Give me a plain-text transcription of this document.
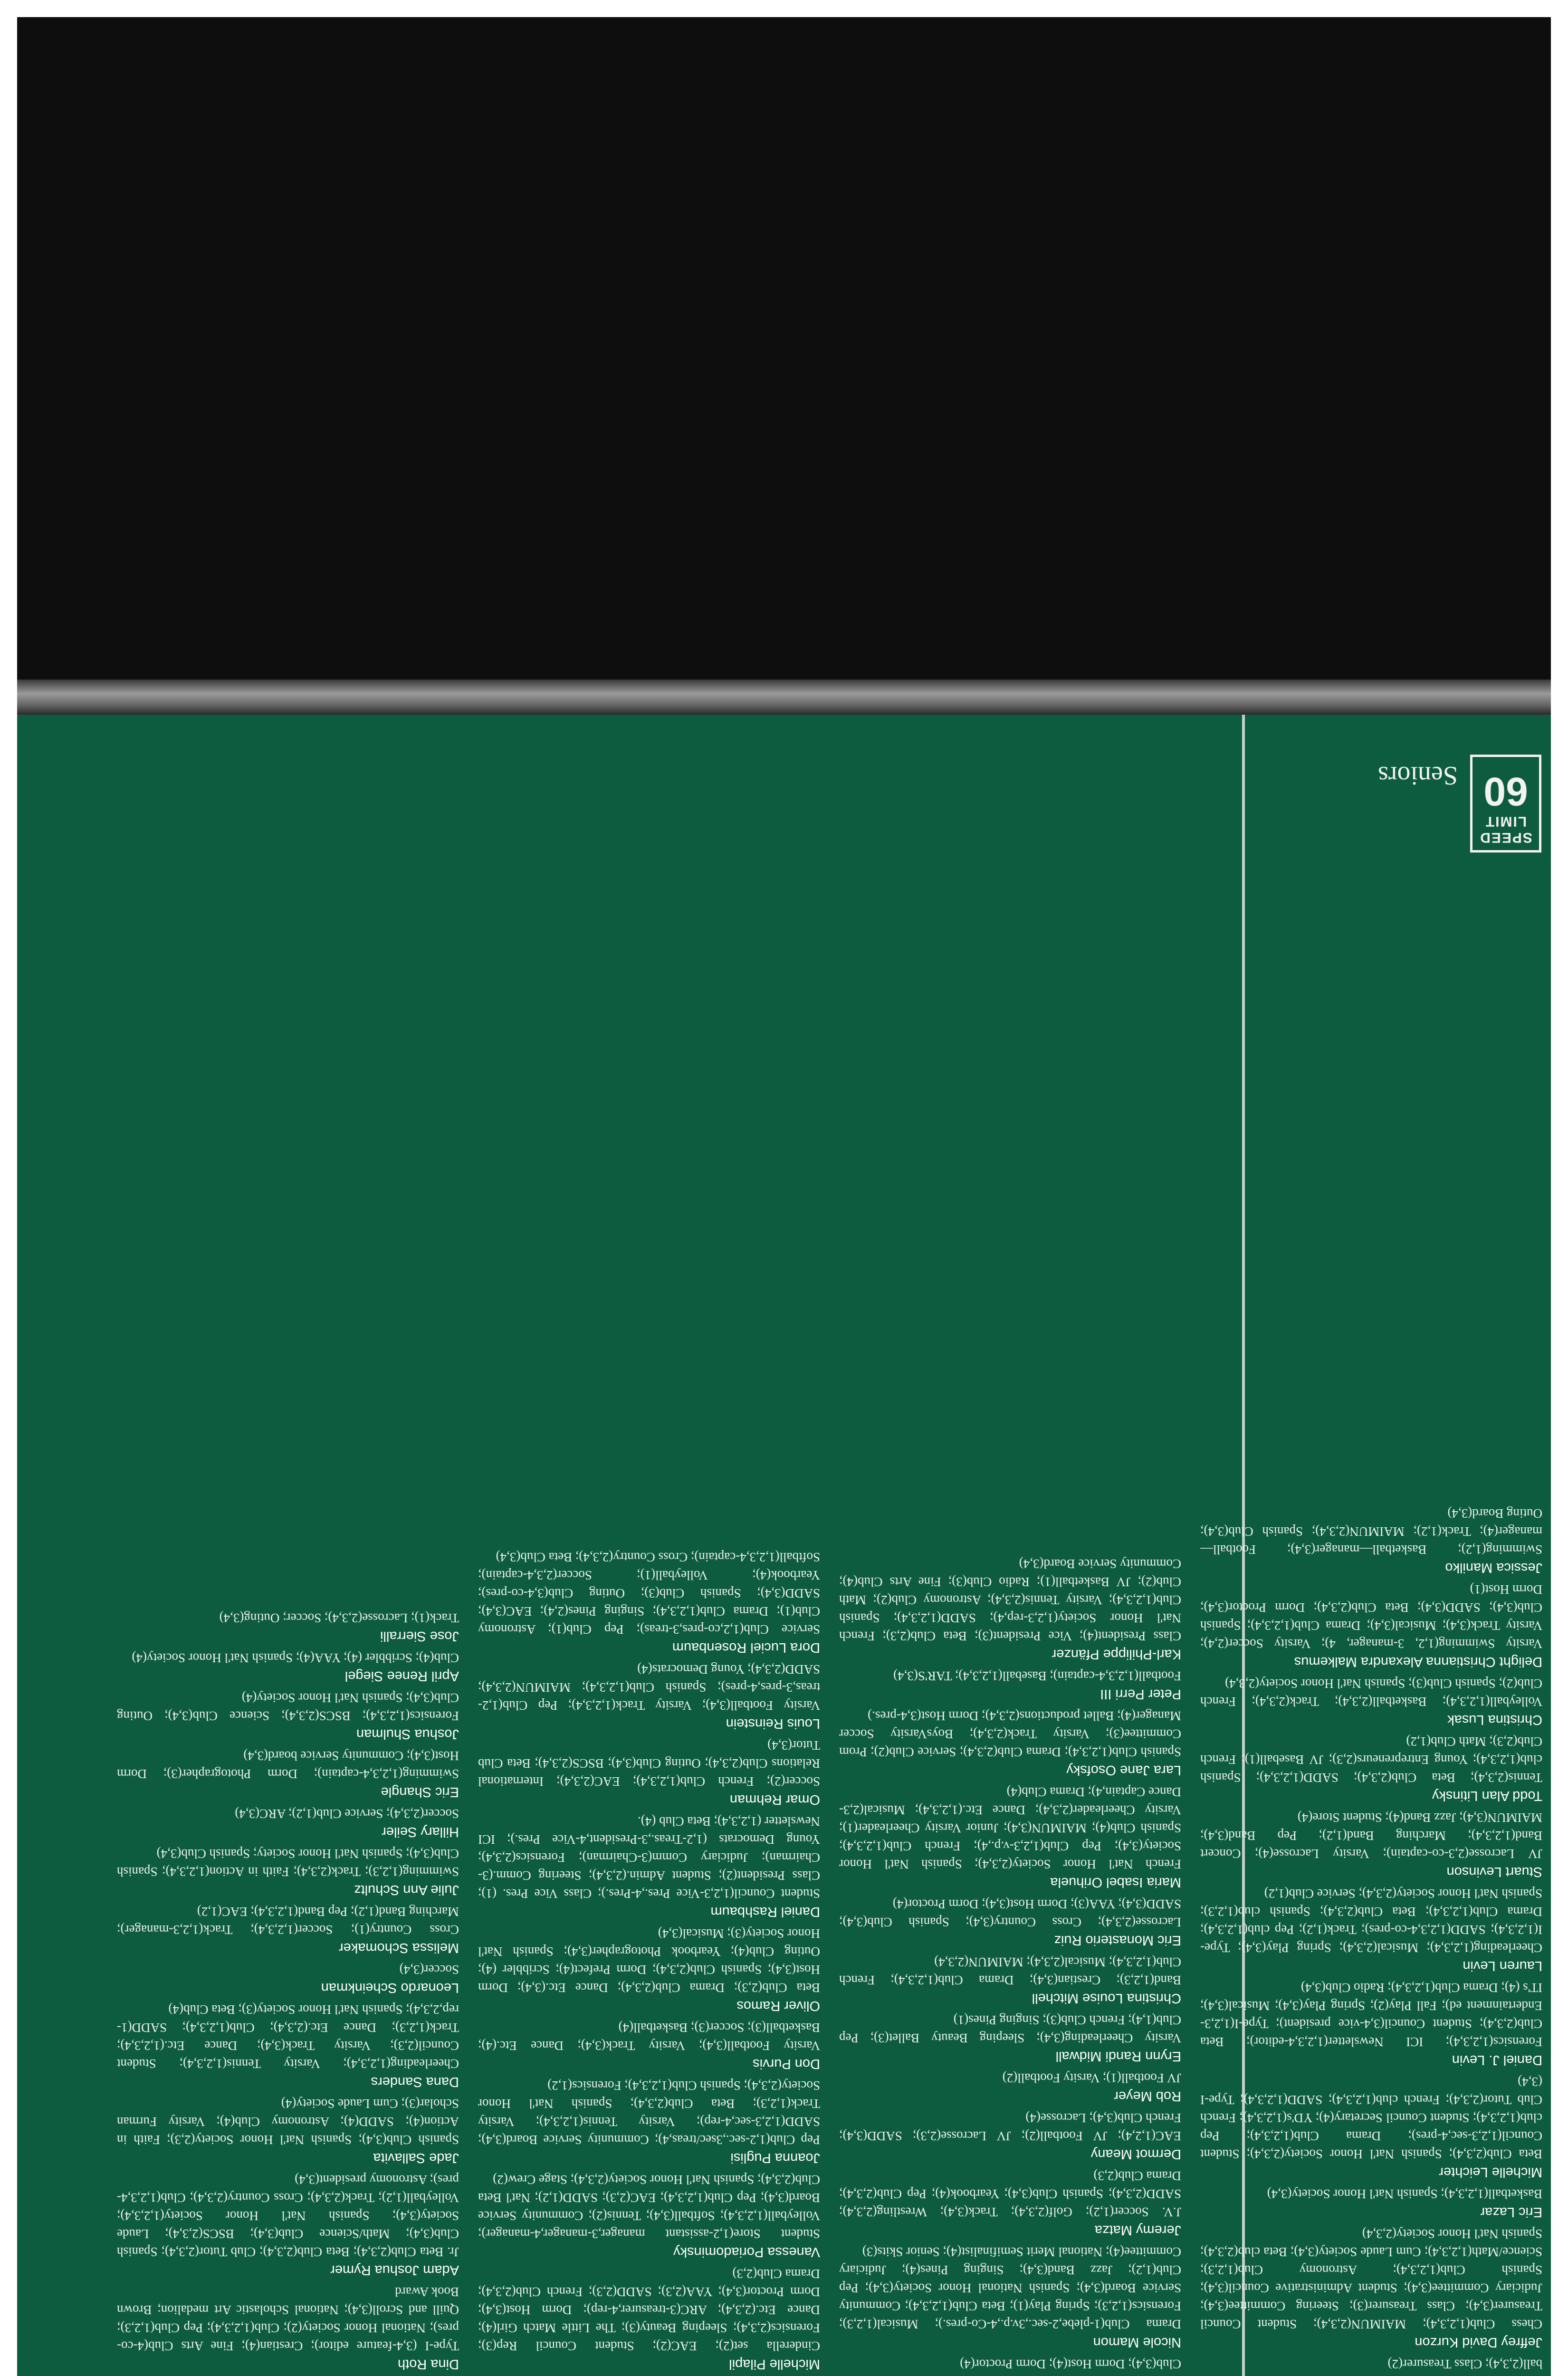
ball(2,3,4); Class Treasurer(2)
Jeffrey David Kurzon
Chess Club(1,2,3,4); MAIMUN(2,3,4); Student Council Treasurer(3,4); Class Treasurer(3); Steering Committee(3,4); Judiciary Committee(3,4); Student Administrative Council(3,4); Spanish Club(1,2,3,4); Astronomy Club(1,2,3); Science/Math(1,2,3,4); Cum Laude Society(3,4); Beta club(2,3,4); Spanish Nat'l Honor Society(2,3,4)
Eric Lazar
Basketball(1,2,3,4); Spanish Nat'l Honor Society(3,4)
Michelle Leichter
Beta Club(2,3,4); Spanish Nat'l Honor Society(2,3,4); Student Council(1,2,3-sec,4-pres); Drama Club(1,2,3,4); Pep club(1,2,3,4); Student Council Secretary(4); YD's(1,2,3,4); French Club Tutor(2,3,4); French club(1,2,3,4); SADD(1,2,3,4); Type-I (3,4)
Daniel J. Levin
Forensics(1,2,3,4); ICI Newsletter(1,2,3,4-editor); Beta Club(2,3,4); Student Council(3,4-vice president); Type-I(1,2,3-Endertainment ed); Fall Play(2); Spring Play(3,4); Musical(3,4); IT's (4); Drama Club(1,2,3,4); Radio Club(3,4)
Lauren Levin
Cheerleading(1,2,3,4); Musical(2,3,4); Spring Play(3,4); Type-I(1,2,3,4); SADD(1,2,3,4-co-pres); Track(1,2); Pep club(1,2,3,4); Drama Club(1,2,3,4); Beta Club(2,3,4); Spanish club(1,2,3); Spanish Nat'l Honor Society(2,3,4); Service Club(1,2)
Stuart Levinson
JV Lacrosse(2,3-co-captain); Varsity Lacrosse(4); Concert Band(1,2,3,4); Marching Band(1,2); Pep Band(3,4); MAIMUN(3,4); Jazz Band(4); Student Store(4)
Todd Alan Litinsky
Tennis(2,3,4); Beta Club(2,3,4); SADD(1,2,3,4); Spanish club(1,2,3,4); Young Entrepreneurs(2,3); JV Baseball(1); French Club(2,3); Math Club(1,2)
Christina Lusak
Volleyball(1,2,3,4); Basketball(2,3,4); Track(2,3,4); French Club(2); Spanish Club(3); Spanish Nat'l Honor Society(2,3,4)
Delight Christianna Alexandra Malkemus
Varsity Swimming(1,2, 3-manager, 4); Varsity Soccer(2,4); Varsity Track(3,4); Musical(3,4); Drama Club(1,2,3,4); Spanish Club(3,4); SADD(3,4); Beta Club(2,3,4); Dorm Proctor(3,4); Dorm Host(1)
Jessica Manilko
Swimming(1,2); Basketball—manager(3,4); Football—manager(4); Track(1,2); MAIMUN(2,3,4); Spanish Club(3,4); Outing Board(3,4)
Club(3,4); Dorm Host(4); Dorm Proctor(4)
Nicole Mamon
Drama Club(1-plebe,2-sec.,3v.p.,4-Co-pres.); Musical(1,2,3); Forensics(1,2,3); Spring Play(1); Beta Club(1,2,3,4); Community Service Board(3,4); Spanish National Honor Society(3,4); Pep Club(1,2); Jazz Band(3,4); Singing Pines(4); Judiciary Committee(4); National Merit Semifinalist(4); Senior Skits(3)
Jeremy Matza
J.V. Soccer(1,2); Golf(2,3,4); Track(3,4); Wrestling(2,3,4); SADD(2,3,4); Spanish Club(3,4); Yearbook(4); Pep Club(2,3,4); Drama Club(2,3)
Dermot Meany
EAC(1,2,4); JV Football(2); JV Lacrosse(2,3); SADD(3,4); French Club(3,4); Lacrosse(4)
Rob Meyer
JV Football(1); Varsity Football(2)
Erynn Randi Midwall
Varsity Cheerleading(3,4); Sleeping Beauty Ballet(3); Pep Club(1,4); French Club(3); Singing Pines(1)
Christina Louise Mitchell
Band(1,2,3); Crestian(3,4); Drama Club(1,2,3,4); French Club(1,2,3,4); Musical(2,3,4); MAIMUN(2,3,4)
Eric Monasterio Ruiz
Lacrosse(2,3,4); Cross Country(3,4); Spanish Club(3,4); SADD(3,4); YAA(3); Dorm Host(3,4); Dorm Proctor(4)
Maria Isabel Orihuela
French Nat'l Honor Society(2,3,4); Spanish Nat'l Honor Society(3,4); Pep Club(1,2,3-v.p.,4); French Club(1,2,3,4); Spanish Club(4); MAIMUN(3,4); Junior Varsity Cheerleader(1); Varsity Cheerleader(2,3,4); Dance Etc.(1,2,3,4); Musical(2,3-Dance Captain,4); Drama Club(4)
Lara Jane Osofsky
Spanish Club(1,2,3,4); Drama Club(2,3,4); Service Club(2); Prom Committee(3); Varsity Track(2,3,4); BoysVarsity Soccer Manager(4); Ballet productions(2,3,4); Dorm Host(3,4-pres.)
Peter Perri III
Football(1,2,3,4-captain); Baseball(1,2,3,4); TAR'S(3,4)
Karl-Philippe Pfänzer
Class President(4); Vice President(3); Beta Club(2,3); French Nat'l Honor Society(1,2,3-rep,4); SADD(1,2,3,4); Spanish Club(1,2,3,4); Varsity Tennis(2,3,4); Astronomy Club(2); Math Club(2); JV Basketball(1); Radio Club(3); Fine Arts Club(4); Community Service Board(3,4)
Michelle Pilapil
Cinderella set(2); EAC(2); Student Council Rep(3); Forensics(2,3,4); Sleeping Beauty(3); The Little Match Girl(4); Dance Etc.(2,3,4); ARC(3-treasurer,4-rep); Dorm Host(3,4); Dorm Proctor(3,4); YAA(2,3); SADD(2,3); French Club(2,3,4); Drama Club(2,3)
Vanessa Poriadominsky
Student Store(1,2-assistant manager,3-manager,4-manager); Volleyball(1,2,3,4); Softball(3,4); Tennis(2); Community Service Board(3,4); Pep Club(1,2,3,4); EAC(2,3); SADD(1,2); Nat'l Beta Club(2,3,4); Spanish Nat'l Honor Society(2,3,4); Stage Crew(2)
Joanna Puglisi
Pep Club(1,2-sec.,3sec/treas,4); Community Service Board(3,4); SADD(1,2,3-sec,4-rep); Varsity Tennis(1,2,3,4); Varsity Track(1,2,3); Beta Club(2,3,4); Spanish Nat'l Honor Society(2,3,4); Spanish Club(1,2,3,4); Forensics(1,2)
Don Purvis
Varsity Football(3,4); Varsity Track(3,4); Dance Etc.(4); Basketball(3); Soccer(3); Basketball(4)
Oliver Ramos
Beta Club(2,3); Drama Club(2,3,4); Dance Etc.(3,4); Dorm Host(3,4); Spanish Club(2,3,4); Dorm Prefect(4); Scribbler (4); Outing Club(4); Yearbook Photographer(3,4); Spanish Nat'l Honor Society(3); Musical(3,4)
Daniel Rashbaum
Student Council(1,2,3-Vice Pres.,4-Pres.); Class Vice Pres. (1); Class President(2); Student Admin.(2,3,4); Steering Comm.(3-Chairman); Judiciary Comm(3-Chairman); Forensics(2,3,4); Young Democrats (1,2-Treas.,3-President,4-Vice Pres.); ICI Newsletter (1,2,3,4); Beta Club (4).
Omar Rehman
Soccer(2); French Club(1,2,3,4); EAC(2,3,4); International Relations Club(2,3,4); Outing Club(3,4); BSCS(2,3,4); Beta Club Tutor(3,4)
Louis Reinstein
Varsity Football(3,4); Varsity Track(1,2,3,4); Pep Club(1,2-treas,3-pres,4-pres); Spanish Club(1,2,3,4); MAIMUN(2,3,4); SADD(2,3,4); Young Democrats(4)
Dora Luciel Rosenbaum
Service Club(1,2,co-pres,3-treas); Pep Club(1); Astronomy Club(1); Drama Club(1,2,3,4); Singing Pines(2,4); EAC(3,4); SADD(3,4); Spanish Club(3); Outing Club(3,4-co-pres); Yearbook(4); Volleyball(1); Soccer(2,3,4-captain); Softball(1,2,3,4-captain); Cross Country(2,3,4); Beta Club(3,4)
Dina Roth
Type-I (3,4-feature editor); Crestian(4); Fine Arts Club(4-co-pres); National Honor Society(2); Club(1,2,3,4); Pep Club(1,2,3); Quill and Scroll(3,4); National Scholastic Art medalion; Brown Book Award
Adam Joshua Rymer
Jr. Beta Club(2,3,4); Beta Club(2,3,4); Club Tutor(2,3,4); Spanish Club(3,4); Math/Science Club(3,4); BSCS(2,3,4); Laude Society(3,4); Spanish Nat'l Honor Society(1,2,3,4); Volleyball(1,2); Track(2,3,4); Cross Country(2,3,4); Club(1,2,3,4-pres); Astronomy president(3,4)
Jade Sallavita
Spanish Club(3,4); Spanish Nat'l Honor Society(2,3); Faith in Action(4); SADD(4); Astronomy Club(4); Varsity Furman Scholar(3); Cum Laude Society(4)
Dana Sanders
Cheerleading(1,2,3,4); Varsity Tennis(1,2,3,4); Student Council(2,3); Varsity Track(3,4); Dance Etc.(1,2,3,4); Track(1,2,3); Dance Etc.(2,3,4); Club(1,2,3,4); SADD(1-rep,2,3,4); Spanish Nat'l Honor Society(3); Beta Club(4)
Leonardo Scheinkman
Soccer(3,4)
Melissa Schomaker
Cross Country(1); Soccer(1,2,3,4); Track(1,2,3-manager); Marching Band(1,2); Pep Band(1,2,3,4); EAC(1,2)
Julie Ann Schultz
Swimming(1,2,3); Track(2,3,4); Faith in Action(1,2,3,4); Spanish Club(3,4); Spanish Nat'l Honor Society; Spanish Club(3,4)
Hillary Seiler
Soccer(2,3,4); Service Club(1,2); ARC(3,4)
Eric Shangle
Swimming(1,2,3,4-captain); Dorm Photographer(3); Dorm Host(3,4); Community Service board(3,4)
Joshua Shulman
Forensics(1,2,3,4); BSCS(2,3,4); Science Club(3,4); Outing Club(3,4); Spanish Nat'l Honor Society(4)
April Renee Siegel
Club(4); Scribbler (4); YAA(4); Spanish Nat'l Honor Society(4)
Jose Sierralli
Track(1); Lacrosse(2,3,4); Soccer; Outing(3,4)
SPEED
LIMIT
60
Seniors
